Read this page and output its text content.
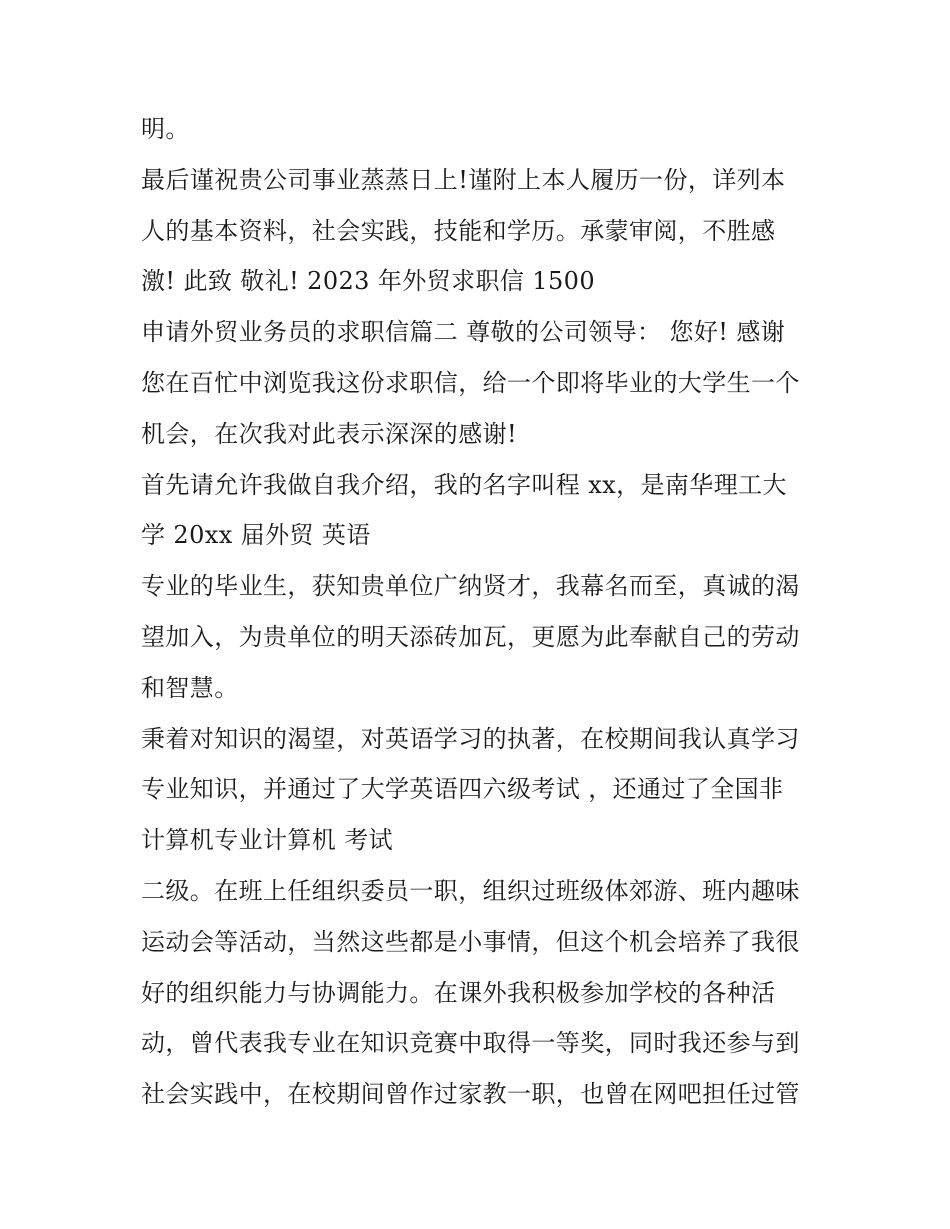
明。
最后谨祝贵公司事业蒸蒸日上!谨附上本人履历一份，详列本
人的基本资料，社会实践，技能和学历。承蒙审阅，不胜感
激! 此致 敬礼! 2023 年外贸求职信 1500
申请外贸业务员的求职信篇二 尊敬的公司领导： 您好! 感谢
您在百忙中浏览我这份求职信，给一个即将毕业的大学生一个
机会，在次我对此表示深深的感谢!
首先请允许我做自我介绍，我的名字叫程 xx，是南华理工大
学 20xx 届外贸 英语
专业的毕业生，获知贵单位广纳贤才，我幕名而至，真诚的渴
望加入，为贵单位的明天添砖加瓦，更愿为此奉献自己的劳动
和智慧。
秉着对知识的渴望，对英语学习的执著，在校期间我认真学习
专业知识，并通过了大学英语四六级考试 ，还通过了全国非
计算机专业计算机 考试
二级。在班上任组织委员一职，组织过班级体郊游、班内趣味
运动会等活动，当然这些都是小事情，但这个机会培养了我很
好的组织能力与协调能力。在课外我积极参加学校的各种活
动，曾代表我专业在知识竞赛中取得一等奖，同时我还参与到
社会实践中，在校期间曾作过家教一职，也曾在网吧担任过管
